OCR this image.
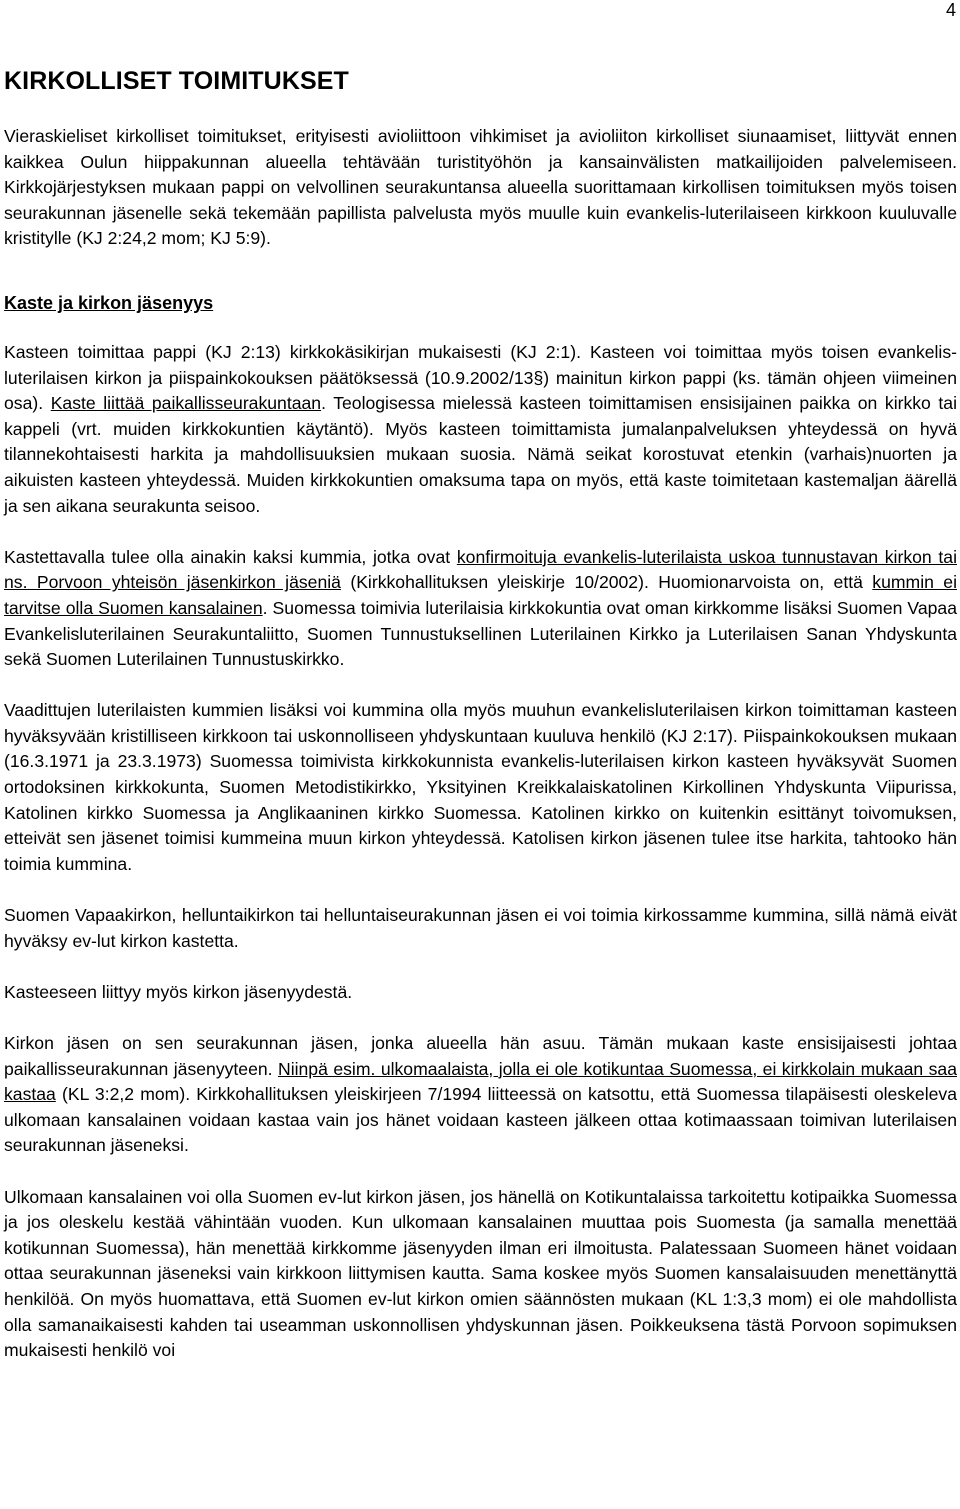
4
KIRKOLLISET TOIMITUKSET

Vieraskieliset kirkolliset toimitukset, erityisesti avioliittoon vihkimiset ja avioliiton kirkolliset siunaamiset, liittyvät ennen kaikkea Oulun hiippakunnan alueella tehtävään turistityöhön ja kansainvälisten matkailijoiden palvelemiseen. Kirkkojärjestyksen mukaan pappi on velvollinen seurakuntansa alueella suorittamaan kirkollisen toimituksen myös toisen seurakunnan jäsenelle sekä tekemään papillista palvelusta myös muulle kuin evankelis-luterilaiseen kirkkoon kuuluvalle kristitylle (KJ 2:24,2 mom; KJ 5:9).

Kaste ja kirkon jäsenyys

Kasteen toimittaa pappi (KJ 2:13) kirkkokäsikirjan mukaisesti (KJ 2:1). Kasteen voi toimittaa myös toisen evankelis-luterilaisen kirkon ja piispainkokouksen päätöksessä (10.9.2002/13§) mainitun kirkon pappi (ks. tämän ohjeen viimeinen osa). Kaste liittää paikallisseurakuntaan. Teologisessa mielessä kasteen toimittamisen ensisijainen paikka on kirkko tai kappeli (vrt. muiden kirkkokuntien käytäntö). Myös kasteen toimittamista jumalanpalveluksen yhteydessä on hyvä tilannekohtaisesti harkita ja mahdollisuuksien mukaan suosia. Nämä seikat korostuvat etenkin (varhais)nuorten ja aikuisten kasteen yhteydessä. Muiden kirkkokuntien omaksuma tapa on myös, että kaste toimitetaan kastemaljan äärellä ja sen aikana seurakunta seisoo.

Kastettavalla tulee olla ainakin kaksi kummia, jotka ovat konfirmoituja evankelis-luterilaista uskoa tunnustavan kirkon tai ns. Porvoon yhteisön jäsenkirkon jäseniä (Kirkkohallituksen yleiskirje 10/2002). Huomionarvoista on, että kummin ei tarvitse olla Suomen kansalainen. Suomessa toimivia luterilaisia kirkkokuntia ovat oman kirkkomme lisäksi Suomen Vapaa Evankelisluterilainen Seurakuntaliitto, Suomen Tunnustuksellinen Luterilainen Kirkko ja Luterilaisen Sanan Yhdyskunta sekä Suomen Luterilainen Tunnustuskirkko.

Vaadittujen luterilaisten kummien lisäksi voi kummina olla myös muuhun evankelisluterilaisen kirkon toimittaman kasteen hyväksyvään kristilliseen kirkkoon tai uskonnolliseen yhdyskuntaan kuuluva henkilö (KJ 2:17). Piispainkokouksen mukaan (16.3.1971 ja 23.3.1973) Suomessa toimivista kirkkokunnista evankelis-luterilaisen kirkon kasteen hyväksyvät Suomen ortodoksinen kirkkokunta, Suomen Metodistikirkko, Yksityinen Kreikkalaiskatolinen Kirkollinen Yhdyskunta Viipurissa, Katolinen kirkko Suomessa ja Anglikaaninen kirkko Suomessa. Katolinen kirkko on kuitenkin esittänyt toivomuksen, etteivät sen jäsenet toimisi kummeina muun kirkon yhteydessä. Katolisen kirkon jäsenen tulee itse harkita, tahtooko hän toimia kummina.

Suomen Vapaakirkon, helluntaikirkon tai helluntaiseurakunnan jäsen ei voi toimia kirkossamme kummina, sillä nämä eivät hyväksy ev-lut kirkon kastetta.

Kasteeseen liittyy myös kirkon jäsenyydestä.

Kirkon jäsen on sen seurakunnan jäsen, jonka alueella hän asuu. Tämän mukaan kaste ensisijaisesti johtaa paikallisseurakunnan jäsenyyteen. Niinpä esim. ulkomaalaista, jolla ei ole kotikuntaa Suomessa, ei kirkkolain mukaan saa kastaa (KL 3:2,2 mom). Kirkkohallituksen yleiskirjeen 7/1994 liitteessä on katsottu, että Suomessa tilapäisesti oleskeleva ulkomaan kansalainen voidaan kastaa vain jos hänet voidaan kasteen jälkeen ottaa kotimaassaan toimivan luterilaisen seurakunnan jäseneksi.

Ulkomaan kansalainen voi olla Suomen ev-lut kirkon jäsen, jos hänellä on Kotikuntalaissa tarkoitettu kotipaikka Suomessa ja jos oleskelu kestää vähintään vuoden. Kun ulkomaan kansalainen muuttaa pois Suomesta (ja samalla menettää kotikunnan Suomessa), hän menettää kirkkomme jäsenyyden ilman eri ilmoitusta. Palatessaan Suomeen hänet voidaan ottaa seurakunnan jäseneksi vain kirkkoon liittymisen kautta. Sama koskee myös Suomen kansalaisuuden menettänyttä henkilöä. On myös huomattava, että Suomen ev-lut kirkon omien säännösten mukaan (KL 1:3,3 mom) ei ole mahdollista olla samanaikaisesti kahden tai useamman uskonnollisen yhdyskunnan jäsen. Poikkeuksena tästä Porvoon sopimuksen mukaisesti henkilö voi
